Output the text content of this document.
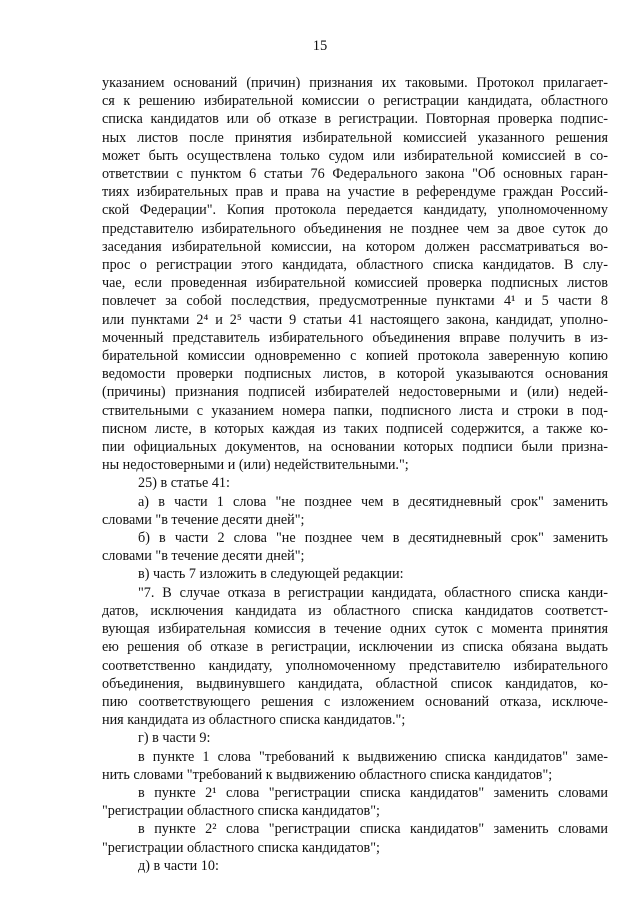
15

указанием оснований (причин) признания их таковыми. Протокол прилагает-

ся к решению избирательной комиссии о регистрации кандидата, областного

списка кандидатов или об отказе в регистрации. Повторная проверка подпис-

ных листов после принятия избирательной комиссией указанного решения

может быть осуществлена только судом или избирательной комиссией в со-

ответствии с пунктом 6 статьи 76 Федерального закона "Об основных гаран-

тиях избирательных прав и права на участие в референдуме граждан Россий-

ской Федерации". Копия протокола передается кандидату, уполномоченному

представителю избирательного объединения не позднее чем за двое суток до

заседания избирательной комиссии, на котором должен рассматриваться во-

прос о регистрации этого кандидата, областного списка кандидатов. В слу-

чае, если проведенная избирательной комиссией проверка подписных листов

повлечет за собой последствия, предусмотренные пунктами 4¹ и 5 части 8

или пунктами 2⁴ и 2⁵ части 9 статьи 41 настоящего закона, кандидат, уполно-

моченный представитель избирательного объединения вправе получить в из-

бирательной комиссии одновременно с копией протокола заверенную копию

ведомости проверки подписных листов, в которой указываются основания

(причины) признания подписей избирателей недостоверными и (или) недей-

ствительными с указанием номера папки, подписного листа и строки в под-

писном листе, в которых каждая из таких подписей содержится, а также ко-

пии официальных документов, на основании которых подписи были призна-

ны недостоверными и (или) недействительными.";

25) в статье 41:

а) в части 1 слова "не позднее чем в десятидневный срок" заменить

словами "в течение десяти дней";

б) в части 2 слова "не позднее чем в десятидневный срок" заменить

словами "в течение десяти дней";

в) часть 7 изложить в следующей редакции:

"7. В случае отказа в регистрации кандидата, областного списка канди-

датов, исключения кандидата из областного списка кандидатов соответст-

вующая избирательная комиссия в течение одних суток с момента принятия

ею решения об отказе в регистрации, исключении из списка обязана выдать

соответственно кандидату, уполномоченному представителю избирательного

объединения, выдвинувшего кандидата, областной список кандидатов, ко-

пию соответствующего решения с изложением оснований отказа, исключе-

ния кандидата из областного списка кандидатов.";

г) в части 9:

в пункте 1 слова "требований к выдвижению списка кандидатов" заме-

нить словами "требований к выдвижению областного списка кандидатов";

в пункте 2¹ слова "регистрации списка кандидатов" заменить словами

"регистрации областного списка кандидатов";

в пункте 2² слова "регистрации списка кандидатов" заменить словами

"регистрации областного списка кандидатов";

д) в части 10:
